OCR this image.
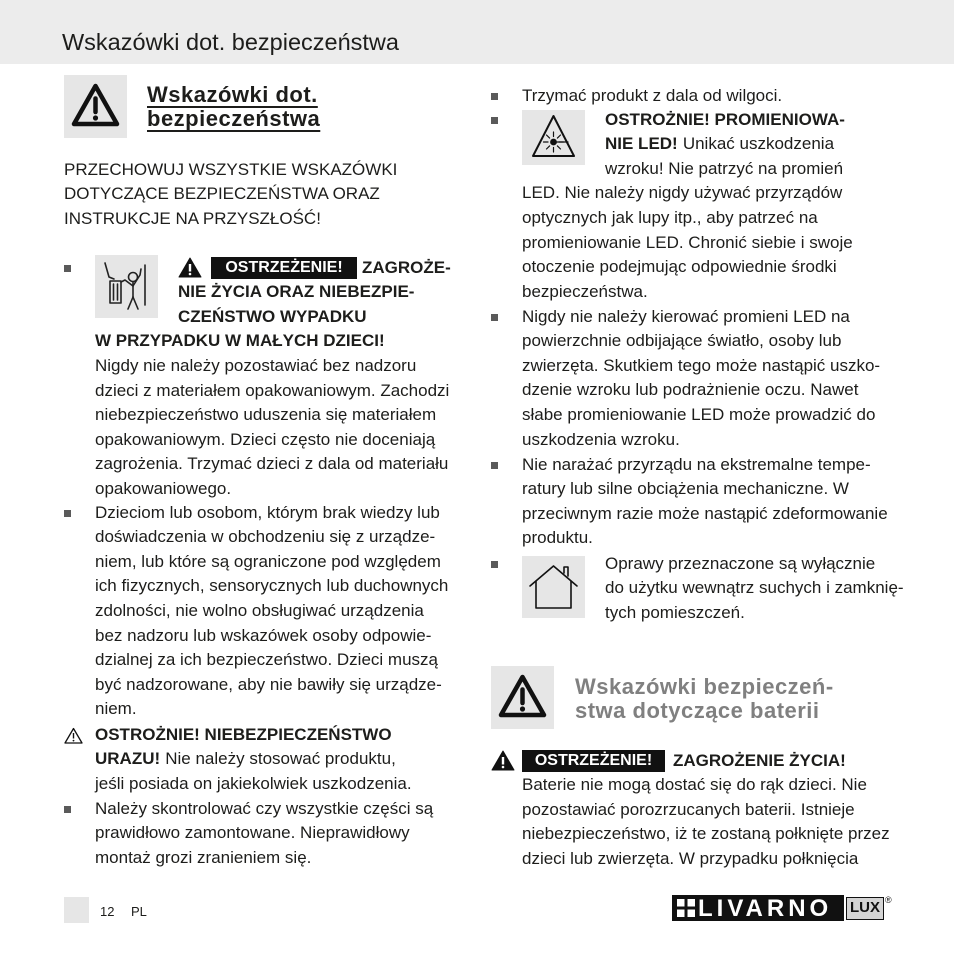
Wskazówki dot. bezpieczeństwa
Wskazówki dot.
bezpieczeństwa
PRZECHOWUJ WSZYSTKIE WSKAZÓWKI
DOTYCZĄCE BEZPIECZEŃSTWA ORAZ
INSTRUKCJE NA PRZYSZŁOŚĆ!
OSTRZEŻENIE!	ZAGROŻE-
NIE ŻYCIA ORAZ NIEBEZPIE-
CZEŃSTWO WYPADKU
W PRZYPADKU W MAŁYCH DZIECI!
Nigdy nie należy pozostawiać bez nadzoru
dzieci z materiałem opakowaniowym. Zachodzi
niebezpieczeństwo uduszenia się materiałem
opakowaniowym. Dzieci często nie doceniają
zagrożenia. Trzymać dzieci z dala od materiału
opakowaniowego.
Dzieciom lub osobom, którym brak wiedzy lub
doświadczenia w obchodzeniu się z urządze-
niem, lub które są ograniczone pod względem
ich fizycznych, sensorycznych lub duchownych
zdolności, nie wolno obsługiwać urządzenia
bez nadzoru lub wskazówek osoby odpowie-
dzialnej za ich bezpieczeństwo. Dzieci muszą
być nadzorowane, aby nie bawiły się urządze-
niem.
OSTROŻNIE! NIEBEZPIECZEŃSTWO
URAZU! Nie należy stosować produktu,
jeśli posiada on jakiekolwiek uszkodzenia.
Należy skontrolować czy wszystkie części są
prawidłowo zamontowane. Nieprawidłowy
montaż grozi zranieniem się.
Trzymać produkt z dala od wilgoci.
OSTROŻNIE! PROMIENIOWA-
NIE LED! Unikać uszkodzenia
wzroku! Nie patrzyć na promień
LED. Nie należy nigdy używać przyrządów
optycznych jak lupy itp., aby patrzeć na
promieniowanie LED. Chronić siebie i swoje
otoczenie podejmując odpowiednie środki
bezpieczeństwa.
Nigdy nie należy kierować promieni LED na
powierzchnie odbijające światło, osoby lub
zwierzęta. Skutkiem tego może nastąpić uszko-
dzenie wzroku lub podrażnienie oczu. Nawet
słabe promieniowanie LED może prowadzić do
uszkodzenia wzroku.
Nie narażać przyrządu na ekstremalne tempe-
ratury lub silne obciążenia mechaniczne. W
przeciwnym razie może nastąpić zdeformowanie
produktu.
Oprawy przeznaczone są wyłącznie
do użytku wewnątrz suchych i zamknię-
tych pomieszczeń.
Wskazówki bezpieczeń-
stwa dotyczące baterii
OSTRZEŻENIE!	ZAGROŻENIE ŻYCIA!
Baterie nie mogą dostać się do rąk dzieci. Nie
pozostawiać porozrzucanych baterii. Istnieje
niebezpieczeństwo, iż te zostaną połknięte przez
dzieci lub zwierzęta. W przypadku połknięcia
12 PL	LIVARNO LUX ®
